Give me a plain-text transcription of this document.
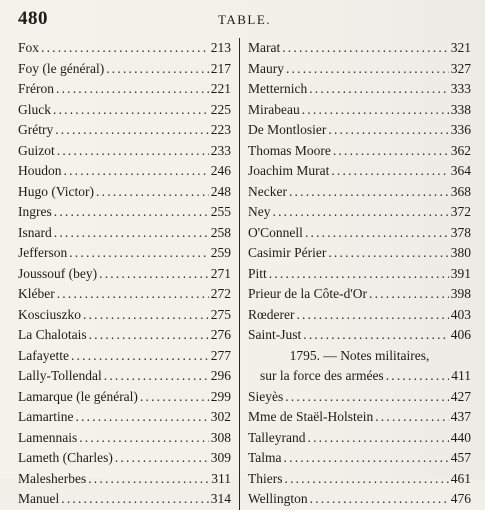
480	TABLE.
Fox .....	213
Foy (le général) .....	217
Fréron .....	221
Gluck .....	225
Grétry .....	223
Guizot .....	233
Houdon .....	246
Hugo (Victor) .....	248
Ingres .....	255
Isnard .....	258
Jefferson .....	259
Joussouf (bey) .....	271
Kléber .....	272
Kosciuszko .....	275
La Chalotais .....	276
Lafayette .....	277
Lally-Tollendal .....	296
Lamarque (le général) .....	299
Lamartine .....	302
Lamennais .....	308
Lameth (Charles) .....	309
Malesherbes .....	311
Manuel .....	314
Marat .....	321
Maury .....	327
Metternich .....	333
Mirabeau .....	338
De Montlosier .....	336
Thomas Moore .....	362
Joachim Murat .....	364
Necker .....	368
Ney .....	372
O'Connell .....	378
Casimir Périer .....	380
Pitt .....	391
Prieur de la Côte-d'Or .....	398
Rœderer .....	403
Saint-Just .....	406
1795. — Notes militaires,
sur la force des armées .....	411
Sieyès .....	427
Mme de Staël-Holstein .....	437
Talleyrand .....	440
Talma .....	457
Thiers .....	461
Wellington .....	476
